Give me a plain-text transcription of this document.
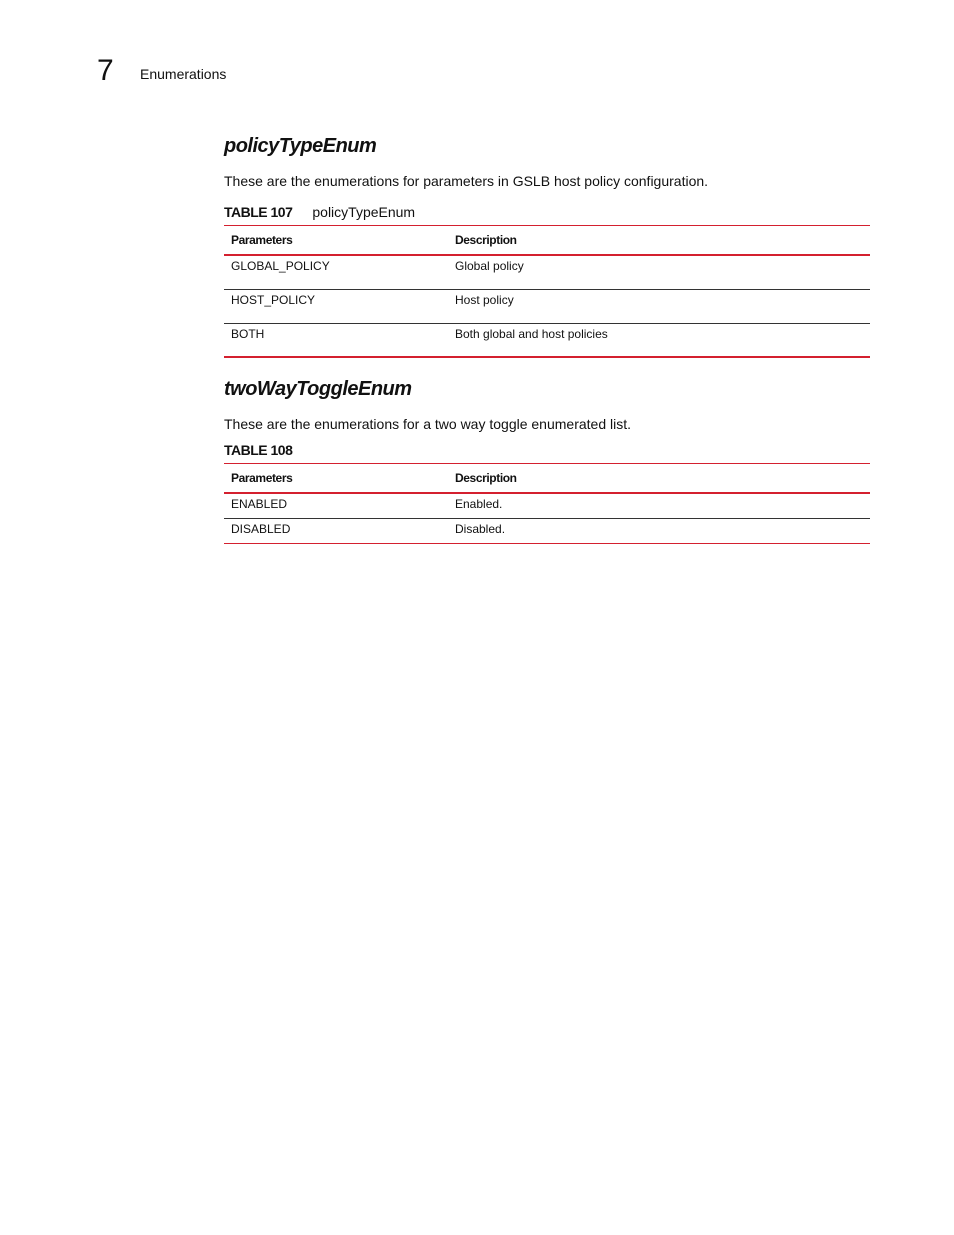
7 Enumerations
policyTypeEnum

These are the enumerations for parameters in GSLB host policy configuration.

TABLE 107 policyTypeEnum

Parameters	Description
GLOBAL_POLICY	Global policy
HOST_POLICY	Host policy
BOTH	Both global and host policies
twoWayToggleEnum

These are the enumerations for a two way toggle enumerated list.

TABLE 108

Parameters	Description
ENABLED	Enabled.
DISABLED	Disabled.
